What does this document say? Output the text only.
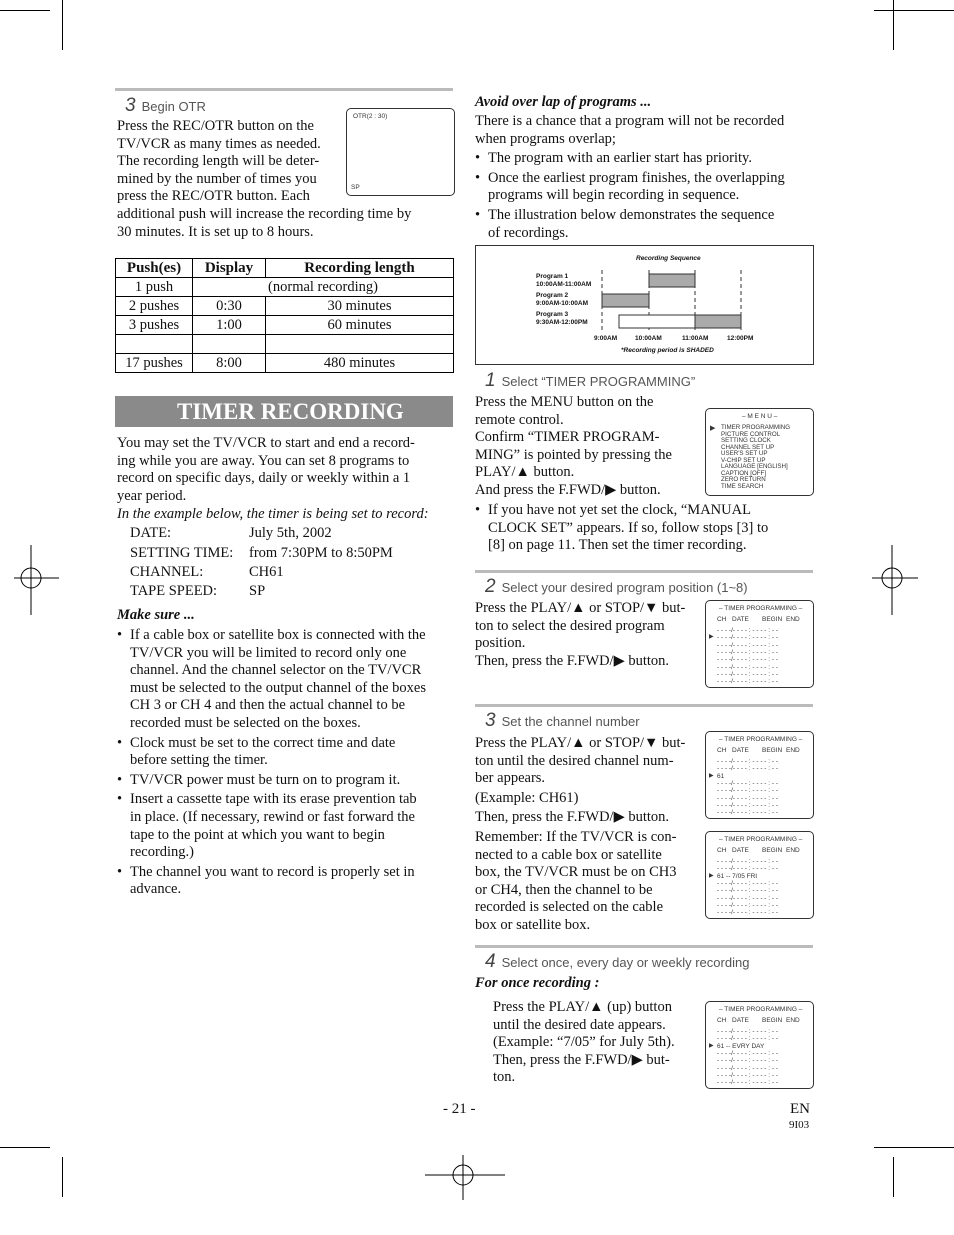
3 Begin OTR
Press the REC/OTR button on the
TV/VCR as many times as needed.
The recording length will be deter-
mined by the number of times you
press the REC/OTR button. Each
additional push will increase the recording time by
30 minutes. It is set up to 8 hours.
OTR(2 : 30)
SP
Push(es)	Display	Recording length
1 push	(normal recording)	
2 pushes	0:30	30 minutes
3 pushes	1:00	60 minutes

17 pushes	8:00	480 minutes
TIMER RECORDING
You may set the TV/VCR to start and end a record-
ing while you are away. You can set 8 programs to
record on specific days, daily or weekly within a 1
year period.
In the example below, the timer is being set to record:
DATE:	July 5th, 2002
SETTING TIME: from 7:30PM to 8:50PM
CHANNEL:	CH61
TAPE SPEED: SP
Make sure ...
• If a cable box or satellite box is connected with the
TV/VCR you will be limited to record only one
channel. And the channel selector on the TV/VCR
must be selected to the output channel of the boxes
CH 3 or CH 4 and then the actual channel to be
recorded must be selected on the boxes.
• Clock must be set to the correct time and date
before setting the timer.
• TV/VCR power must be turn on to program it.
• Insert a cassette tape with its erase prevention tab
in place. (If necessary, rewind or fast forward the
tape to the point at which you want to begin
recording.)
• The channel you want to record is properly set in
advance.
Avoid over lap of programs ...
There is a chance that a program will not be recorded
when programs overlap;
• The program with an earlier start has priority.
• Once the earliest program finishes, the overlapping
programs will begin recording in sequence.
• The illustration below demonstrates the sequence
of recordings.
Recording Sequence
Program 1
10:00AM-11:00AM
Program 2
9:00AM-10:00AM
Program 3
9:30AM-12:00PM
9:00AM	10:00AM	11:00AM	12:00PM
*Recording period is SHADED
1 Select “TIMER PROGRAMMING”
Press the MENU button on the
remote control.
Confirm “TIMER PROGRAM-
MING” is pointed by pressing the
PLAY/▲ button.
And press the F.FWD/▶ button.
• If you have not yet set the clock, “MANUAL
CLOCK SET” appears. If so, follow stops [3] to
[8] on page 11. Then set the timer recording.
– M E N U –
▶ TIMER PROGRAMMING
PICTURE CONTROL
SETTING CLOCK
CHANNEL SET UP
USER'S SET UP
V-CHIP SET UP
LANGUAGE [ENGLISH]
CAPTION [OFF]
ZERO RETURN
TIME SEARCH
2 Select your desired program position (1~8)
Press the PLAY/▲ or STOP/▼ but-
ton to select the desired program
position.
Then, press the F.FWD/▶ button.
3 Set the channel number
Press the PLAY/▲ or STOP/▼ but-
ton until the desired channel num-
ber appears.
(Example: CH61)
Then, press the F.FWD/▶ button.
Remember: If the TV/VCR is con-
nected to a cable box or satellite
box, the TV/VCR must be on CH3
or CH4, then the channel to be
recorded is selected on the cable
box or satellite box.
4 Select once, every day or weekly recording
For once recording :
Press the PLAY/▲ (up) button
until the desired date appears.
(Example: “7/05” for July 5th).
Then, press the F.FWD/▶ but-
ton.
– TIMER PROGRAMMING –
CH DATE BEGIN END
- - - -/- - - - : - - - - : - -
- - - -/- - - - : - - - - : - -
- - - -/- - - - : - - - - : - -
- - - -/- - - - : - - - - : - -
- - - -/- - - - : - - - - : - -
- - - -/- - - - : - - - - : - -
- - - -/- - - - : - - - - : - -
- - - -/- - - - : - - - - : - -
▶
– TIMER PROGRAMMING –
CH DATE BEGIN END
- - - -/- - - - : - - - - : - -
- - - -/- - - - : - - - - : - -
61
- - - -/- - - - : - - - - : - -
- - - -/- - - - : - - - - : - -
- - - -/- - - - : - - - - : - -
- - - -/- - - - : - - - - : - -
- - - -/- - - - : - - - - : - -
▶
– TIMER PROGRAMMING –
CH DATE BEGIN END
- - - -/- - - - : - - - - : - -
- - - -/- - - - : - - - - : - -
61 -- 7/05 FRI
- - - -/- - - - : - - - - : - -
- - - -/- - - - : - - - - : - -
- - - -/- - - - : - - - - : - -
- - - -/- - - - : - - - - : - -
- - - -/- - - - : - - - - : - -
▶
– TIMER PROGRAMMING –
CH DATE BEGIN END
- - - -/- - - - : - - - - : - -
- - - -/- - - - : - - - - : - -
61 -- EVRY DAY
- - - -/- - - - : - - - - : - -
- - - -/- - - - : - - - - : - -
- - - -/- - - - : - - - - : - -
- - - -/- - - - : - - - - : - -
- - - -/- - - - : - - - - : - -
▶
- 21 -	EN
9I03
